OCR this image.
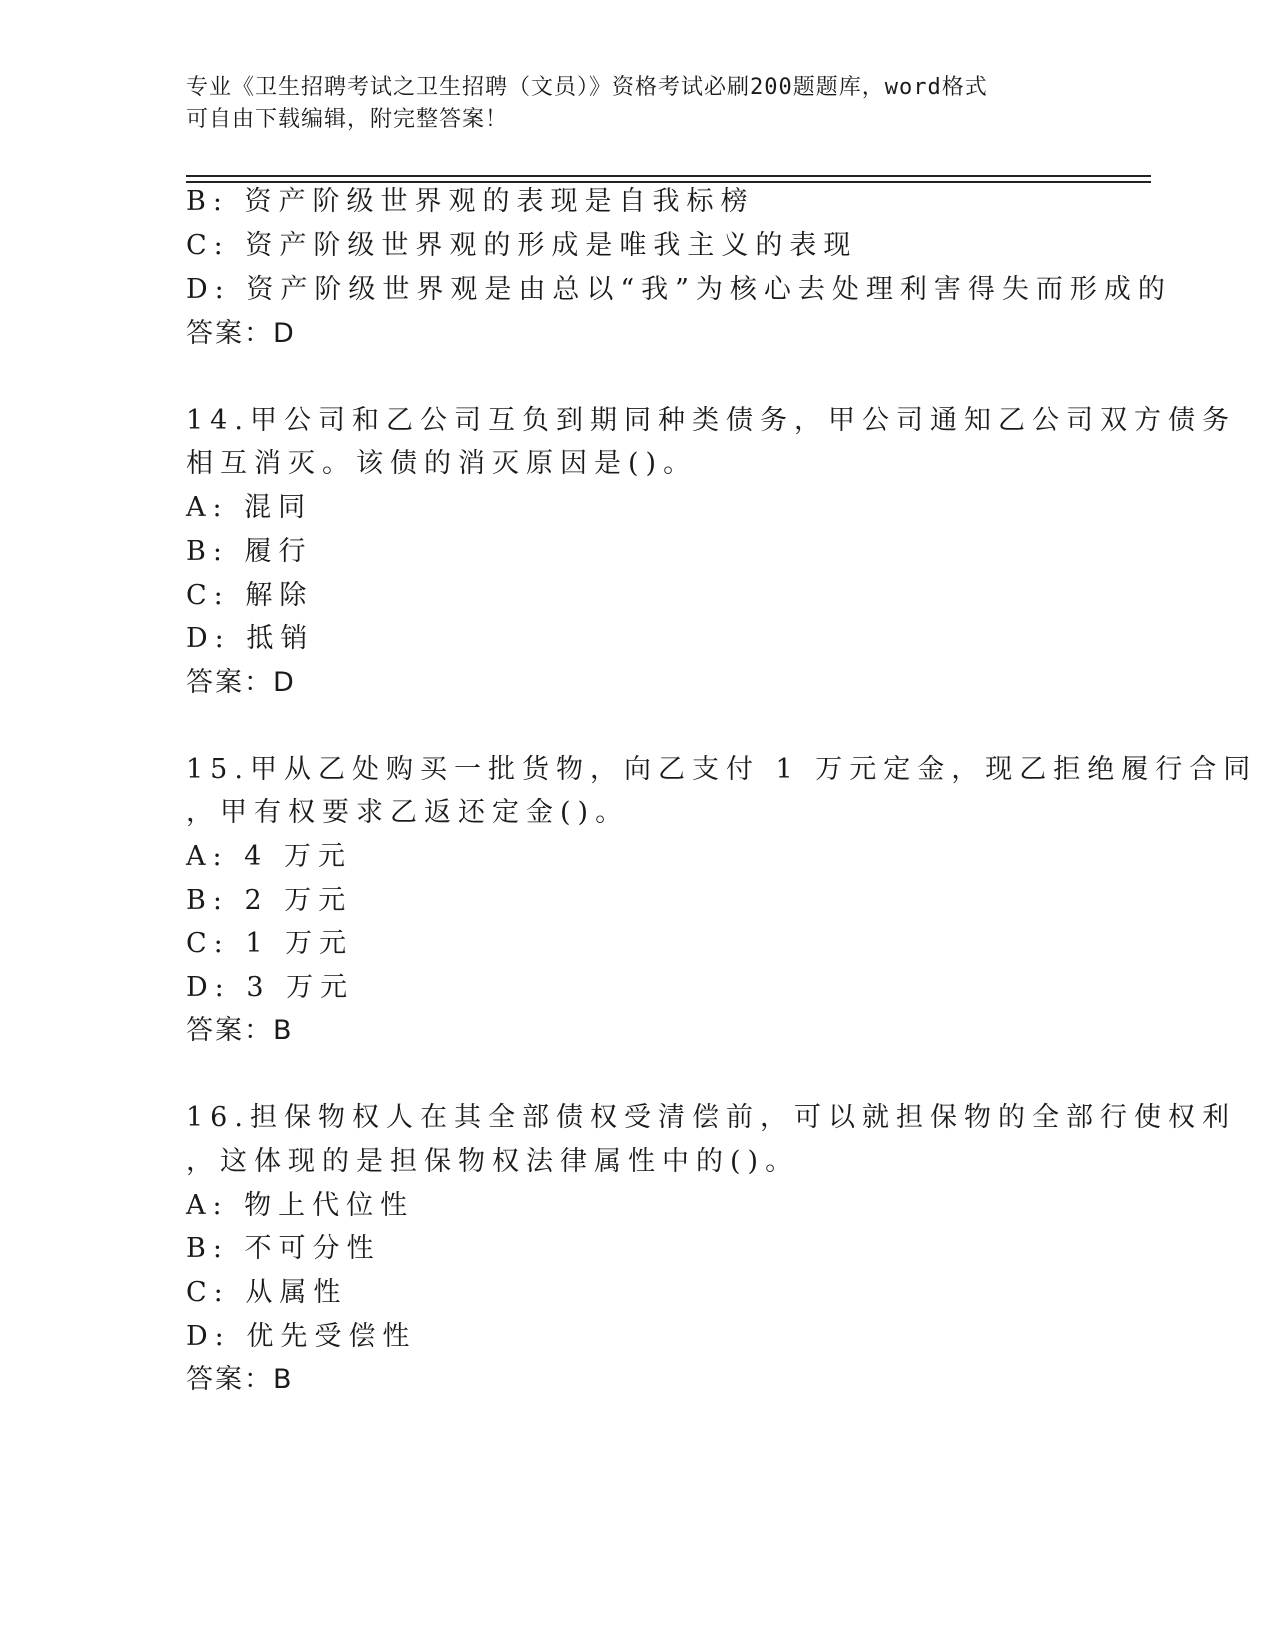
专业《卫生招聘考试之卫生招聘（文员）》资格考试必刷200题题库，word格式
可自由下载编辑，附完整答案！
B: 资产阶级世界观的表现是自我标榜
C: 资产阶级世界观的形成是唯我主义的表现
D: 资产阶级世界观是由总以“我”为核心去处理利害得失而形成的
答案：D
14.甲公司和乙公司互负到期同种类债务，甲公司通知乙公司双方债务
相互消灭。该债的消灭原因是()。
A: 混同
B: 履行
C: 解除
D: 抵销
答案：D
15.甲从乙处购买一批货物，向乙支付 1 万元定金，现乙拒绝履行合同
，甲有权要求乙返还定金()。
A: 4 万元
B: 2 万元
C: 1 万元
D: 3 万元
答案：B
16.担保物权人在其全部债权受清偿前，可以就担保物的全部行使权利
，这体现的是担保物权法律属性中的()。
A: 物上代位性
B: 不可分性
C: 从属性
D: 优先受偿性
答案：B
